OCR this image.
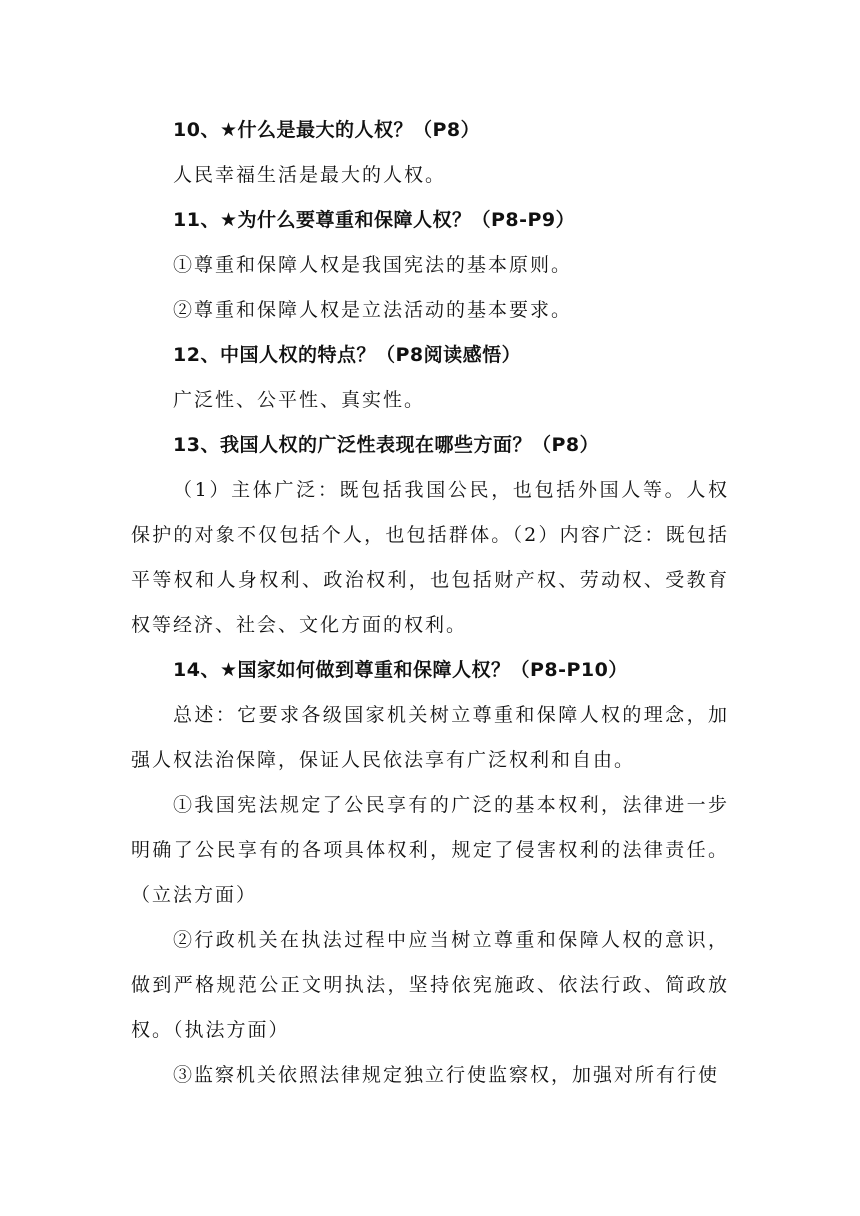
10、★什么是最大的人权？（P8）

人民幸福生活是最大的人权。

11、★为什么要尊重和保障人权？（P8-P9）

①尊重和保障人权是我国宪法的基本原则。

②尊重和保障人权是立法活动的基本要求。

12、中国人权的特点？（P8阅读感悟）

广泛性、公平性、真实性。

13、我国人权的广泛性表现在哪些方面？（P8）

（1）主体广泛：既包括我国公民，也包括外国人等。人权保护的对象不仅包括个人，也包括群体。（2）内容广泛：既包括平等权和人身权利、政治权利，也包括财产权、劳动权、受教育权等经济、社会、文化方面的权利。

14、★国家如何做到尊重和保障人权？（P8-P10）

总述：它要求各级国家机关树立尊重和保障人权的理念，加强人权法治保障，保证人民依法享有广泛权利和自由。

①我国宪法规定了公民享有的广泛的基本权利，法律进一步明确了公民享有的各项具体权利，规定了侵害权利的法律责任。（立法方面）

②行政机关在执法过程中应当树立尊重和保障人权的意识，做到严格规范公正文明执法，坚持依宪施政、依法行政、简政放权。（执法方面）

③监察机关依照法律规定独立行使监察权，加强对所有行使
